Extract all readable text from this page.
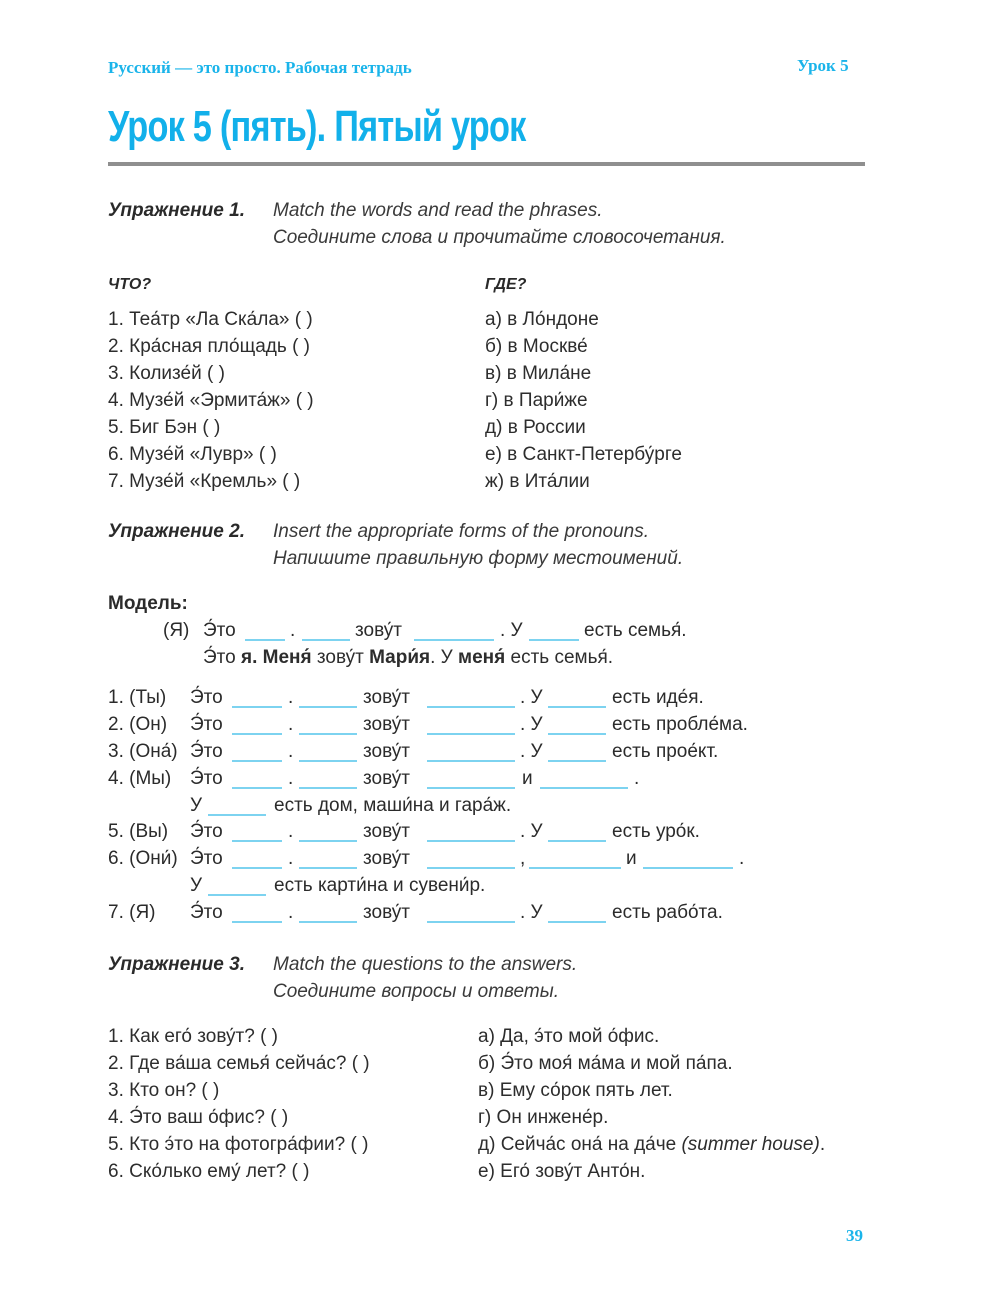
Русский — это просто. Рабочая тетрадь	Урок 5
Урок 5 (пять). Пятый урок
Упражнение 1. Match the words and read the phrases.
Соедините слова и прочитайте словосочетания.
ЧТО?	ГДЕ?
1. Теа́тр «Ла Ска́ла» ( )
2. Кра́сная пло́щадь ( )
3. Колизе́й ( )
4. Музе́й «Эрмита́ж» ( )
5. Биг Бэн ( )
6. Музе́й «Лувр» ( )
7. Музе́й «Кремль» ( )
а) в Ло́ндоне
б) в Москве́
в) в Мила́не
г) в Пари́же
д) в России
е) в Санкт-Петербу́рге
ж) в Ита́лии
Упражнение 2. Insert the appropriate forms of the pronouns.
Напишите правильную форму местоимений.
Модель:
(Я) Э́то	.	зову́т	. У	есть семья́.
Э́то я. Меня́ зову́т Мари́я. У меня́ есть семья́.
1. (Ты) Э́то	.	зову́т	. У	есть иде́я.
2. (Он) Э́то	.	зову́т	. У	есть пробле́ма.
3. (Она́) Э́то	.	зову́т	. У	есть прое́кт.
4. (Мы) Э́то	.	зову́т	и	.
У	есть дом, маши́на и гара́ж.
5. (Вы) Э́то	.	зову́т	. У	есть уро́к.
6. (Они́) Э́то	.	зову́т	,	и	.
У	есть карти́на и сувени́р.
7. (Я) Э́то	.	зову́т	. У	есть рабо́та.
Упражнение 3. Match the questions to the answers.
Соедините вопросы и ответы.
1. Как его́ зову́т? ( )
2. Где ва́ша семья́ сейча́с? ( )
3. Кто он? ( )
4. Э́то ваш о́фис? ( )
5. Кто э́то на фотогра́фии? ( )
6. Ско́лько ему́ лет? ( )
а) Да, э́то мой о́фис.
б) Э́то моя́ ма́ма и мой па́па.
в) Ему со́рок пять лет.
г) Он инжене́р.
д) Сейча́с она́ на да́че (summer house).
е) Его́ зову́т Анто́н.
39
